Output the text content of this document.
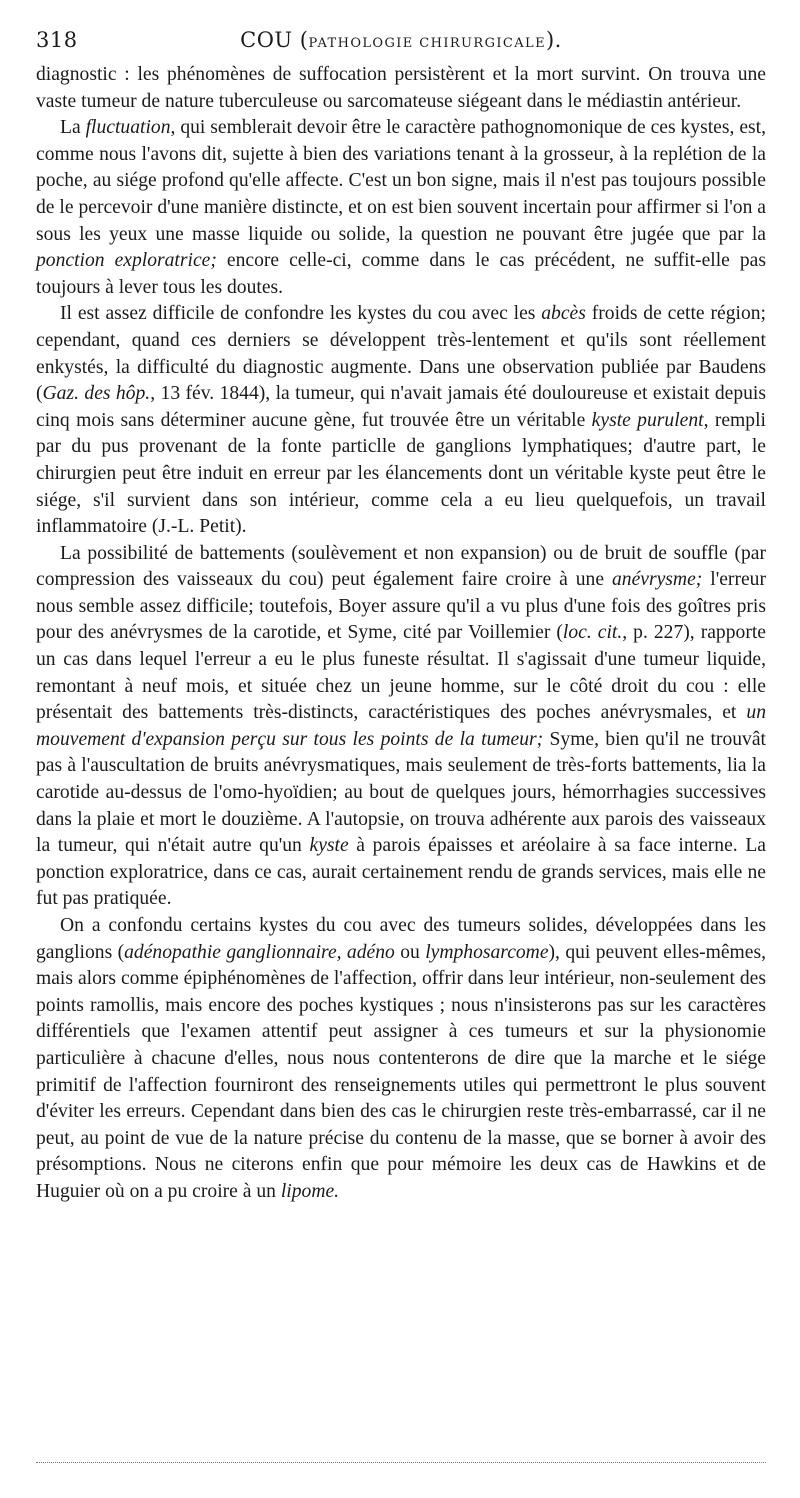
318	COU (PATHOLOGIE CHIRURGICALE).

diagnostic : les phénomènes de suffocation persistèrent et la mort survint. On trouva une vaste tumeur de nature tuberculeuse ou sarcomateuse siégeant dans le médiastin antérieur.

La fluctuation, qui semblerait devoir être le caractère pathognomonique de ces kystes, est, comme nous l'avons dit, sujette à bien des variations tenant à la grosseur, à la replétion de la poche, au siége profond qu'elle affecte. C'est un bon signe, mais il n'est pas toujours possible de le percevoir d'une manière distincte, et on est bien souvent incertain pour affirmer si l'on a sous les yeux une masse liquide ou solide, la question ne pouvant être jugée que par la ponction exploratrice; encore celle-ci, comme dans le cas précédent, ne suffit-elle pas toujours à lever tous les doutes.

Il est assez difficile de confondre les kystes du cou avec les abcès froids de cette région; cependant, quand ces derniers se développent très-lentement et qu'ils sont réellement enkystés, la difficulté du diagnostic augmente. Dans une observation publiée par Baudens (Gaz. des hôp., 13 fév. 1844), la tumeur, qui n'avait jamais été douloureuse et existait depuis cinq mois sans déterminer aucune gène, fut trouvée être un véritable kyste purulent, rempli par du pus provenant de la fonte particlle de ganglions lymphatiques; d'autre part, le chirurgien peut être induit en erreur par les élancements dont un véritable kyste peut être le siége, s'il survient dans son intérieur, comme cela a eu lieu quelquefois, un travail inflammatoire (J.-L. Petit).

La possibilité de battements (soulèvement et non expansion) ou de bruit de souffle (par compression des vaisseaux du cou) peut également faire croire à une anévrysme; l'erreur nous semble assez difficile; toutefois, Boyer assure qu'il a vu plus d'une fois des goîtres pris pour des anévrysmes de la carotide, et Syme, cité par Voillemier (loc. cit., p. 227), rapporte un cas dans lequel l'erreur a eu le plus funeste résultat. Il s'agissait d'une tumeur liquide, remontant à neuf mois, et située chez un jeune homme, sur le côté droit du cou : elle présentait des battements très-distincts, caractéristiques des poches anévrysmales, et un mouvement d'expansion perçu sur tous les points de la tumeur; Syme, bien qu'il ne trouvât pas à l'auscultation de bruits anévrysmatiques, mais seulement de très-forts battements, lia la carotide au-dessus de l'omo-hyoïdien; au bout de quelques jours, hémorrhagies successives dans la plaie et mort le douzième. A l'autopsie, on trouva adhérente aux parois des vaisseaux la tumeur, qui n'était autre qu'un kyste à parois épaisses et aréolaire à sa face interne. La ponction exploratrice, dans ce cas, aurait certainement rendu de grands services, mais elle ne fut pas pratiquée.

On a confondu certains kystes du cou avec des tumeurs solides, développées dans les ganglions (adénopathie ganglionnaire, adéno ou lymphosarcome), qui peuvent elles-mêmes, mais alors comme épiphénomènes de l'affection, offrir dans leur intérieur, non-seulement des points ramollis, mais encore des poches kystiques ; nous n'insisterons pas sur les caractères différentiels que l'examen attentif peut assigner à ces tumeurs et sur la physionomie particulière à chacune d'elles, nous nous contenterons de dire que la marche et le siége primitif de l'affection fourniront des renseignements utiles qui permettront le plus souvent d'éviter les erreurs. Cependant dans bien des cas le chirurgien reste très-embarrassé, car il ne peut, au point de vue de la nature précise du contenu de la masse, que se borner à avoir des présomptions. Nous ne citerons enfin que pour mémoire les deux cas de Hawkins et de Huguier où on a pu croire à un lipome.
